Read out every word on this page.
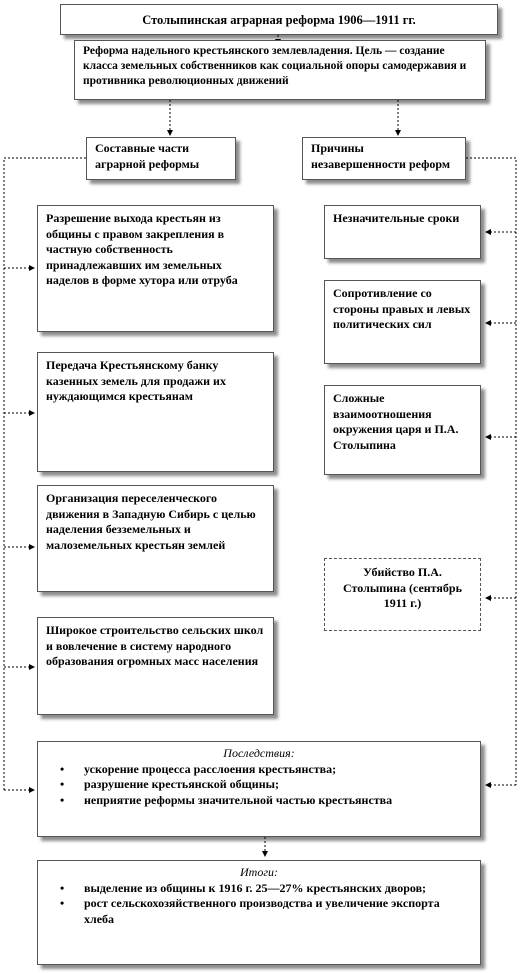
Столыпинская аграрная реформа 1906—1911 гг.
Реформа надельного крестьянского землевладения. Цель — создание класса земельных собственников как социальной опоры самодержавия и противника революционных движений
Составные части аграрной реформы
Причины незавершенности реформ
Разрешение выхода крестьян из общины с правом закрепления в частную собственность принадлежавших им земельных наделов в форме хутора или отруба
Передача Крестьянскому банку казенных земель для продажи их нуждающимся крестьянам
Организация переселенческого движения в Западную Сибирь с целью наделения безземельных и малоземельных крестьян землей
Широкое строительство сельских школ и вовлечение в систему народного образования огромных масс населения
Незначительные сроки
Сопротивление со стороны правых и левых политических сил
Сложные взаимоотношения окружения царя и П.А. Столыпина
Убийство П.А. Столыпина (сентябрь 1911 г.)
Последствия:
• ускорение процесса расслоения крестьянства;
• разрушение крестьянской общины;
• неприятие реформы значительной частью крестьянства
Итоги:
• выделение из общины к 1916 г. 25—27% крестьянских дворов;
• рост сельскохозяйственного производства и увеличение экспорта хлеба
